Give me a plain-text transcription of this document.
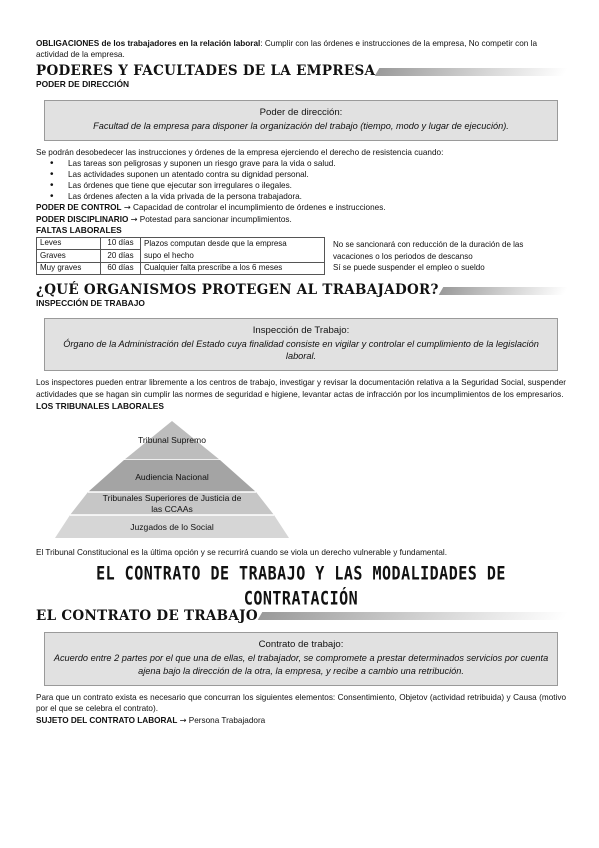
OBLIGACIONES de los trabajadores en la relación laboral: Cumplir con las órdenes e instrucciones de la empresa, No competir con la actividad de la empresa.

PODERES Y FACULTADES DE LA EMPRESA
PODER DE DIRECCIÓN
Poder de dirección:
Facultad de la empresa para disponer la organización del trabajo (tiempo, modo y lugar de ejecución).

Se podrán desobedecer las instrucciones y órdenes de la empresa ejerciendo el derecho de resistencia cuando:

• Las tareas son peligrosas y suponen un riesgo grave para la vida o salud.
• Las actividades suponen un atentado contra su dignidad personal.
• Las órdenes que tiene que ejecutar son irregulares o ilegales.
• Las órdenes afecten a la vida privada de la persona trabajadora.

PODER DE CONTROL → Capacidad de controlar el incumplimiento de órdenes e instrucciones.

PODER DISCIPLINARIO → Potestad para sancionar incumplimientos.

FALTAS LABORALES
Leves	10 días	Plazos computan desde que la empresa
Graves	20 días	supo el hecho
Muy graves	60 días	Cualquier falta prescribe a los 6 meses

No se sancionará con reducción de la duración de las vacaciones o los periodos de descanso

Sí se puede suspender el empleo o sueldo

¿QUÉ ORGANISMOS PROTEGEN AL TRABAJADOR?
INSPECCIÓN DE TRABAJO
Inspección de Trabajo:
Órgano de la Administración del Estado cuya finalidad consiste en vigilar y controlar el cumplimiento de la legislación laboral.

Los inspectores pueden entrar libremente a los centros de trabajo, investigar y revisar la documentación relativa a la Seguridad Social, suspender actividades que se hagan sin cumplir las normes de seguridad e higiene, levantar actas de infracción por los incumplimientos de los empresarios.

LOS TRIBUNALES LABORALES
Tribunal Supremo
Audiencia Nacional
Tribunales Superiores de Justicia de las CCAAs
Juzgados de lo Social

El Tribunal Constitucional es la última opción y se recurrirá cuando se viola un derecho vulnerable y fundamental.

EL CONTRATO DE TRABAJO Y LAS MODALIDADES DE CONTRATACIÓN
EL CONTRATO DE TRABAJO
Contrato de trabajo:
Acuerdo entre 2 partes por el que una de ellas, el trabajador, se compromete a prestar determinados servicios por cuenta ajena bajo la dirección de la otra, la empresa, y recibe a cambio una retribución.

Para que un contrato exista es necesario que concurran los siguientes elementos: Consentimiento, Objetov (actividad retribuida) y Causa (motivo por el que se celebra el contrato).

SUJETO DEL CONTRATO LABORAL → Persona Trabajadora
